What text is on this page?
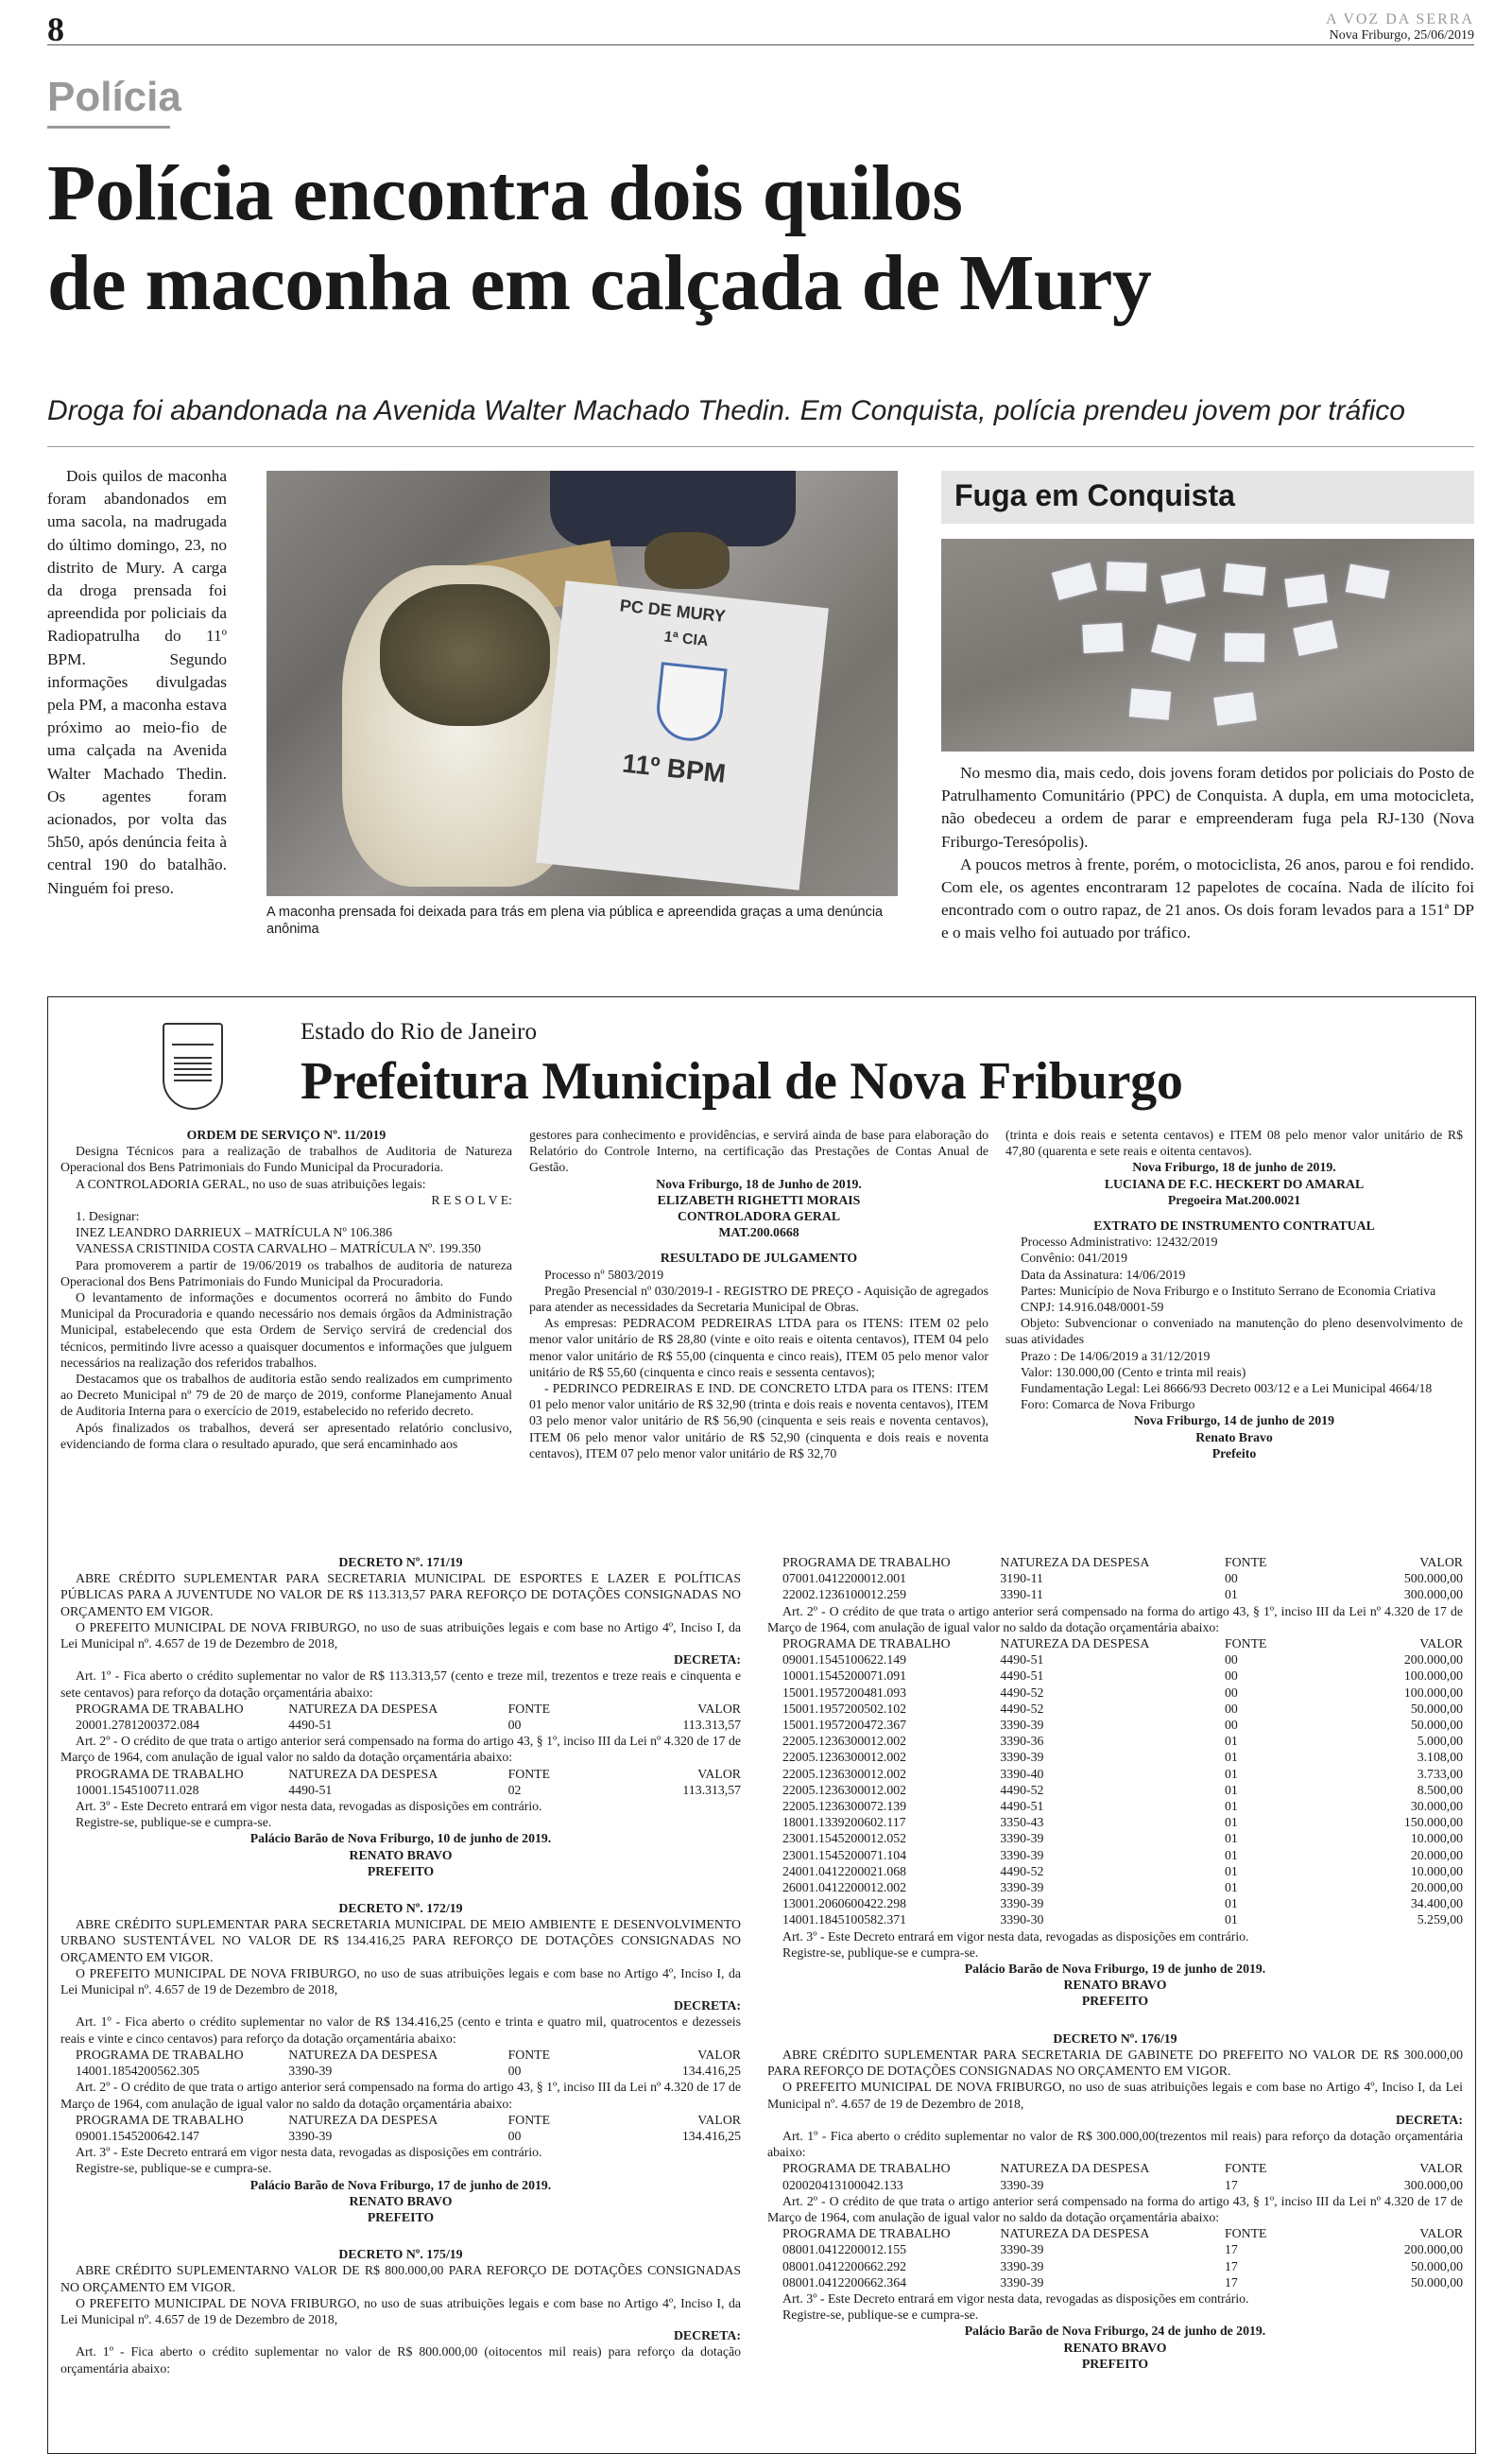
8	A VOZ DA SERRA
Nova Friburgo, 25/06/2019
Polícia
Polícia encontra dois quilos
de maconha em calçada de Mury
Droga foi abandonada na Avenida Walter Machado Thedin. Em Conquista, polícia prendeu jovem por tráfico

Dois quilos de maconha foram abandonados em uma sacola, na madrugada do último domingo, 23, no distrito de Mury. A carga da droga prensada foi apreendida por policiais da Radiopatrulha do 11º BPM. Segundo informações divulgadas pela PM, a maconha estava próximo ao meio-fio de uma calçada na Avenida Walter Machado Thedin. Os agentes foram acionados, por volta das 5h50, após denúncia feita à central 190 do batalhão. Ninguém foi preso.

PC DE MURY
1ª CIA
11º BPM
A maconha prensada foi deixada para trás em plena via pública e apreendida graças a uma denúncia anônima
Fuga em Conquista

No mesmo dia, mais cedo, dois jovens foram detidos por policiais do Posto de Patrulhamento Comunitário (PPC) de Conquista. A dupla, em uma motocicleta, não obedeceu a ordem de parar e empreenderam fuga pela RJ-130 (Nova Friburgo-Teresópolis).

A poucos metros à frente, porém, o motociclista, 26 anos, parou e foi rendido. Com ele, os agentes encontraram 12 papelotes de cocaína. Nada de ilícito foi encontrado com o outro rapaz, de 21 anos. Os dois foram levados para a 151ª DP e o mais velho foi autuado por tráfico.

Estado do Rio de Janeiro
Prefeitura Municipal de Nova Friburgo

ORDEM DE SERVIÇO Nº. 11/2019

Designa Técnicos para a realização de trabalhos de Auditoria de Natureza Operacional dos Bens Patrimoniais do Fundo Municipal da Procuradoria.

A CONTROLADORIA GERAL, no uso de suas atribuições legais:

R E S O L V E:

1. Designar:

INEZ LEANDRO DARRIEUX – MATRÍCULA Nº 106.386

VANESSA CRISTINIDA COSTA CARVALHO – MATRÍCULA Nº. 199.350

Para promoverem a partir de 19/06/2019 os trabalhos de auditoria de natureza Operacional dos Bens Patrimoniais do Fundo Municipal da Procuradoria.

O levantamento de informações e documentos ocorrerá no âmbito do Fundo Municipal da Procuradoria e quando necessário nos demais órgãos da Administração Municipal, estabelecendo que esta Ordem de Serviço servirá de credencial dos técnicos, permitindo livre acesso a quaisquer documentos e informações que julguem necessários na realização dos referidos trabalhos.

Destacamos que os trabalhos de auditoria estão sendo realizados em cumprimento ao Decreto Municipal nº 79 de 20 de março de 2019, conforme Planejamento Anual de Auditoria Interna para o exercício de 2019, estabelecido no referido decreto.

Após finalizados os trabalhos, deverá ser apresentado relatório conclusivo, evidenciando de forma clara o resultado apurado, que será encaminhado aos

gestores para conhecimento e providências, e servirá ainda de base para elaboração do Relatório do Controle Interno, na certificação das Prestações de Contas Anual de Gestão.

Nova Friburgo, 18 de Junho de 2019.

ELIZABETH RIGHETTI MORAIS

CONTROLADORA GERAL

MAT.200.0668

RESULTADO DE JULGAMENTO

Processo nº 5803/2019

Pregão Presencial nº 030/2019-I - REGISTRO DE PREÇO - Aquisição de agregados para atender as necessidades da Secretaria Municipal de Obras.

As empresas: PEDRACOM PEDREIRAS LTDA para os ITENS: ITEM 02 pelo menor valor unitário de R$ 28,80 (vinte e oito reais e oitenta centavos), ITEM 04 pelo menor valor unitário de R$ 55,00 (cinquenta e cinco reais), ITEM 05 pelo menor valor unitário de R$ 55,60 (cinquenta e cinco reais e sessenta centavos);

- PEDRINCO PEDREIRAS E IND. DE CONCRETO LTDA para os ITENS: ITEM 01 pelo menor valor unitário de R$ 32,90 (trinta e dois reais e noventa centavos), ITEM 03 pelo menor valor unitário de R$ 56,90 (cinquenta e seis reais e noventa centavos), ITEM 06 pelo menor valor unitário de R$ 52,90 (cinquenta e dois reais e noventa centavos), ITEM 07 pelo menor valor unitário de R$ 32,70

(trinta e dois reais e setenta centavos) e ITEM 08 pelo menor valor unitário de R$ 47,80 (quarenta e sete reais e oitenta centavos).

Nova Friburgo, 18 de junho de 2019.

LUCIANA DE F.C. HECKERT DO AMARAL

Pregoeira Mat.200.0021

EXTRATO DE INSTRUMENTO CONTRATUAL

Processo Administrativo: 12432/2019

Convênio: 041/2019

Data da Assinatura: 14/06/2019

Partes: Município de Nova Friburgo e o Instituto Serrano de Economia Criativa

CNPJ: 14.916.048/0001-59

Objeto: Subvencionar o conveniado na manutenção do pleno desenvolvimento de suas atividades

Prazo : De 14/06/2019 a 31/12/2019

Valor: 130.000,00 (Cento e trinta mil reais)

Fundamentação Legal: Lei 8666/93 Decreto 003/12 e a Lei Municipal 4664/18

Foro: Comarca de Nova Friburgo

Nova Friburgo, 14 de junho de 2019

Renato Bravo

Prefeito

DECRETO Nº. 171/19

ABRE CRÉDITO SUPLEMENTAR PARA SECRETARIA MUNICIPAL DE ESPORTES E LAZER E POLÍTICAS PÚBLICAS PARA A JUVENTUDE NO VALOR DE R$ 113.313,57 PARA REFORÇO DE DOTAÇÕES CONSIGNADAS NO ORÇAMENTO EM VIGOR.

O PREFEITO MUNICIPAL DE NOVA FRIBURGO, no uso de suas atribuições legais e com base no Artigo 4º, Inciso I, da Lei Municipal nº. 4.657 de 19 de Dezembro de 2018,

DECRETA:

Art. 1º - Fica aberto o crédito suplementar no valor de R$ 113.313,57 (cento e treze mil, trezentos e treze reais e cinquenta e sete centavos) para reforço da dotação orçamentária abaixo:

PROGRAMA DE TRABALHO	NATUREZA DA DESPESA	FONTE	VALOR
20001.2781200372.084	4490-51	00	113.313,57

Art. 2º - O crédito de que trata o artigo anterior será compensado na forma do artigo 43, § 1º, inciso III da Lei nº 4.320 de 17 de Março de 1964, com anulação de igual valor no saldo da dotação orçamentária abaixo:

PROGRAMA DE TRABALHO	NATUREZA DA DESPESA	FONTE	VALOR
10001.1545100711.028	4490-51	02	113.313,57

Art. 3º - Este Decreto entrará em vigor nesta data, revogadas as disposições em contrário.

Registre-se, publique-se e cumpra-se.

Palácio Barão de Nova Friburgo, 10 de junho de 2019.

RENATO BRAVO

PREFEITO

DECRETO Nº. 172/19

ABRE CRÉDITO SUPLEMENTAR PARA SECRETARIA MUNICIPAL DE MEIO AMBIENTE E DESENVOLVIMENTO URBANO SUSTENTÁVEL NO VALOR DE R$ 134.416,25 PARA REFORÇO DE DOTAÇÕES CONSIGNADAS NO ORÇAMENTO EM VIGOR.

O PREFEITO MUNICIPAL DE NOVA FRIBURGO, no uso de suas atribuições legais e com base no Artigo 4º, Inciso I, da Lei Municipal nº. 4.657 de 19 de Dezembro de 2018,

DECRETA:

Art. 1º - Fica aberto o crédito suplementar no valor de R$ 134.416,25 (cento e trinta e quatro mil, quatrocentos e dezesseis reais e vinte e cinco centavos) para reforço da dotação orçamentária abaixo:

PROGRAMA DE TRABALHO	NATUREZA DA DESPESA	FONTE	VALOR
14001.1854200562.305	3390-39	00	134.416,25

Art. 2º - O crédito de que trata o artigo anterior será compensado na forma do artigo 43, § 1º, inciso III da Lei nº 4.320 de 17 de Março de 1964, com anulação de igual valor no saldo da dotação orçamentária abaixo:

PROGRAMA DE TRABALHO	NATUREZA DA DESPESA	FONTE	VALOR
09001.1545200642.147	3390-39	00	134.416,25

Art. 3º - Este Decreto entrará em vigor nesta data, revogadas as disposições em contrário.

Registre-se, publique-se e cumpra-se.

Palácio Barão de Nova Friburgo, 17 de junho de 2019.

RENATO BRAVO

PREFEITO

DECRETO Nº. 175/19

ABRE CRÉDITO SUPLEMENTARNO VALOR DE R$ 800.000,00 PARA REFORÇO DE DOTAÇÕES CONSIGNADAS NO ORÇAMENTO EM VIGOR.

O PREFEITO MUNICIPAL DE NOVA FRIBURGO, no uso de suas atribuições legais e com base no Artigo 4º, Inciso I, da Lei Municipal nº. 4.657 de 19 de Dezembro de 2018,

DECRETA:

Art. 1º - Fica aberto o crédito suplementar no valor de R$ 800.000,00 (oitocentos mil reais) para reforço da dotação orçamentária abaixo:

PROGRAMA DE TRABALHO	NATUREZA DA DESPESA	FONTE	VALOR
07001.0412200012.001	3190-11	00	500.000,00
22002.1236100012.259	3390-11	01	300.000,00

Art. 2º - O crédito de que trata o artigo anterior será compensado na forma do artigo 43, § 1º, inciso III da Lei nº 4.320 de 17 de Março de 1964, com anulação de igual valor no saldo da dotação orçamentária abaixo:

PROGRAMA DE TRABALHO	NATUREZA DA DESPESA	FONTE	VALOR
09001.1545100622.149	4490-51	00	200.000,00
10001.1545200071.091	4490-51	00	100.000,00
15001.1957200481.093	4490-52	00	100.000,00
15001.1957200502.102	4490-52	00	50.000,00
15001.1957200472.367	3390-39	00	50.000,00
22005.1236300012.002	3390-36	01	5.000,00
22005.1236300012.002	3390-39	01	3.108,00
22005.1236300012.002	3390-40	01	3.733,00
22005.1236300012.002	4490-52	01	8.500,00
22005.1236300072.139	4490-51	01	30.000,00
18001.1339200602.117	3350-43	01	150.000,00
23001.1545200012.052	3390-39	01	10.000,00
23001.1545200071.104	3390-39	01	20.000,00
24001.0412200021.068	4490-52	01	10.000,00
26001.0412200012.002	3390-39	01	20.000,00
13001.2060600422.298	3390-39	01	34.400,00
14001.1845100582.371	3390-30	01	5.259,00

Art. 3º - Este Decreto entrará em vigor nesta data, revogadas as disposições em contrário.

Registre-se, publique-se e cumpra-se.

Palácio Barão de Nova Friburgo, 19 de junho de 2019.

RENATO BRAVO

PREFEITO

DECRETO Nº. 176/19

ABRE CRÉDITO SUPLEMENTAR PARA SECRETARIA DE GABINETE DO PREFEITO NO VALOR DE R$ 300.000,00 PARA REFORÇO DE DOTAÇÕES CONSIGNADAS NO ORÇAMENTO EM VIGOR.

O PREFEITO MUNICIPAL DE NOVA FRIBURGO, no uso de suas atribuições legais e com base no Artigo 4º, Inciso I, da Lei Municipal nº. 4.657 de 19 de Dezembro de 2018,

DECRETA:

Art. 1º - Fica aberto o crédito suplementar no valor de R$ 300.000,00(trezentos mil reais) para reforço da dotação orçamentária abaixo:

PROGRAMA DE TRABALHO	NATUREZA DA DESPESA	FONTE	VALOR
020020413100042.133	3390-39	17	300.000,00

Art. 2º - O crédito de que trata o artigo anterior será compensado na forma do artigo 43, § 1º, inciso III da Lei nº 4.320 de 17 de Março de 1964, com anulação de igual valor no saldo da dotação orçamentária abaixo:

PROGRAMA DE TRABALHO	NATUREZA DA DESPESA	FONTE	VALOR
08001.0412200012.155	3390-39	17	200.000,00
08001.0412200662.292	3390-39	17	50.000,00
08001.0412200662.364	3390-39	17	50.000,00

Art. 3º - Este Decreto entrará em vigor nesta data, revogadas as disposições em contrário.

Registre-se, publique-se e cumpra-se.

Palácio Barão de Nova Friburgo, 24 de junho de 2019.

RENATO BRAVO

PREFEITO
